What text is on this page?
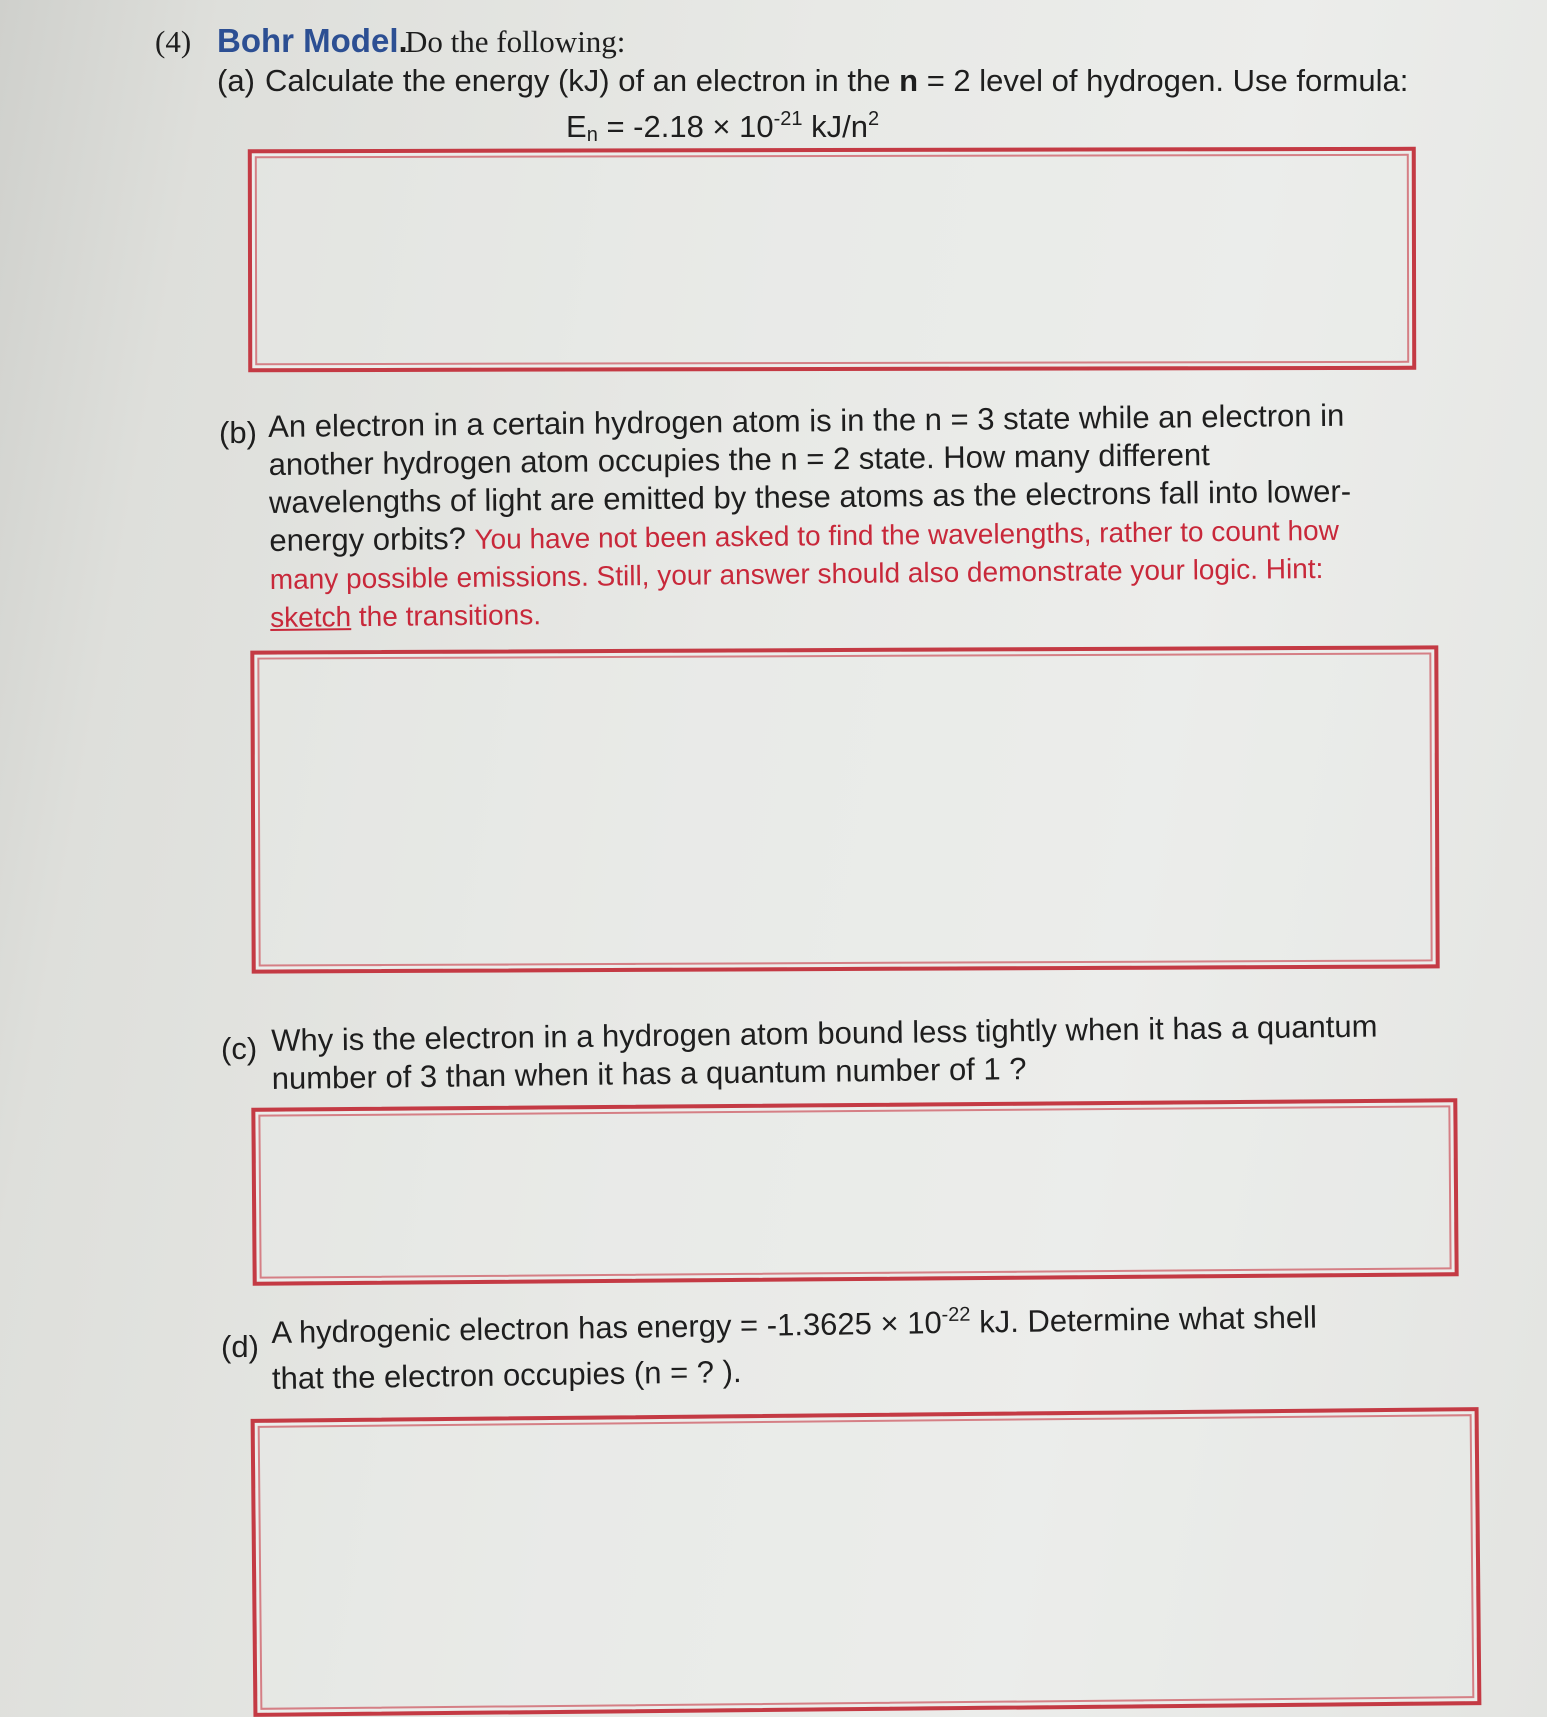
(4) Bohr Model.
Do the following:
(a) Calculate the energy (kJ) of an electron in the n = 2 level of hydrogen. Use formula:
$E_n = -2.18 \times 10^{-21}$ $kJ/n^2$
(b) An electron in a certain hydrogen atom is in the n = 3 state while an electron in
another hydrogen atom occupies the n = 2 state. How many different
wavelengths of light are emitted by these atoms as the electrons fall into lower-
energy orbits? You have not been asked to find the wavelengths, rather to count how
many possible emissions. Still, your answer should also demonstrate your logic. Hint:
sketch the transitions.
(c) Why is the electron in a hydrogen atom bound less tightly when it has a quantum
number of 3 than when it has a quantum number of 1 ?
(d) A hydrogenic electron has energy = $-1.3625 \times 10^{-22}$ kJ. Determine what shell
that the electron occupies (n = ? ).
